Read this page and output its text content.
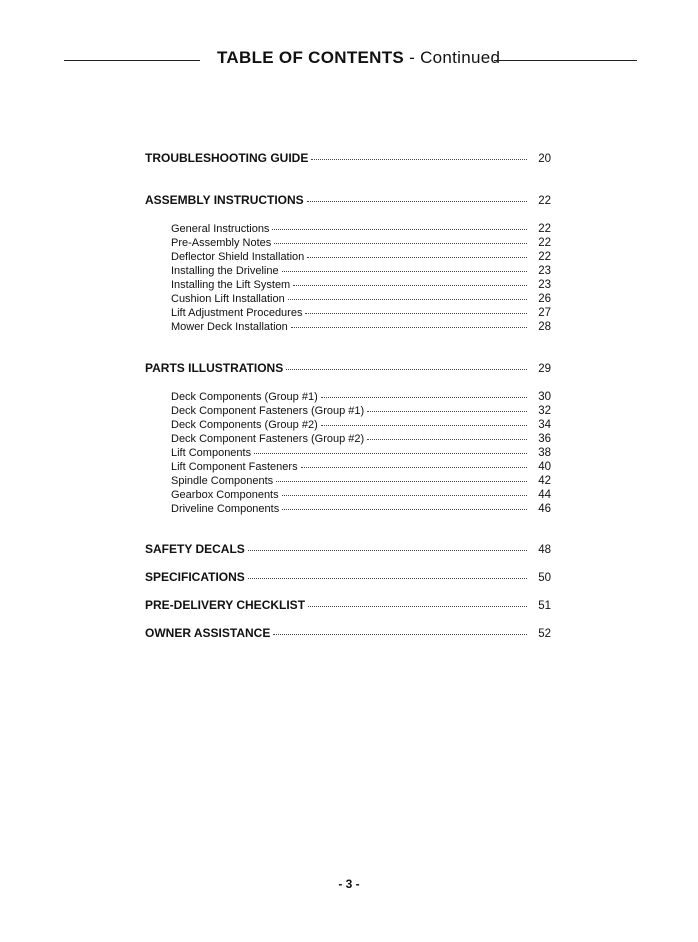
TABLE OF CONTENTS - Continued
TROUBLESHOOTING GUIDE	20
ASSEMBLY INSTRUCTIONS	22
General Instructions	22
Pre-Assembly Notes	22
Deflector Shield Installation	22
Installing the Driveline	23
Installing the Lift System	23
Cushion Lift Installation	26
Lift Adjustment Procedures	27
Mower Deck Installation	28
PARTS ILLUSTRATIONS	29
Deck Components (Group #1)	30
Deck Component Fasteners (Group #1)	32
Deck Components (Group #2)	34
Deck Component Fasteners (Group #2)	36
Lift Components	38
Lift Component Fasteners	40
Spindle Components	42
Gearbox Components	44
Driveline Components	46
SAFETY DECALS	48
SPECIFICATIONS	50
PRE-DELIVERY CHECKLIST	51
OWNER ASSISTANCE	52
- 3 -
